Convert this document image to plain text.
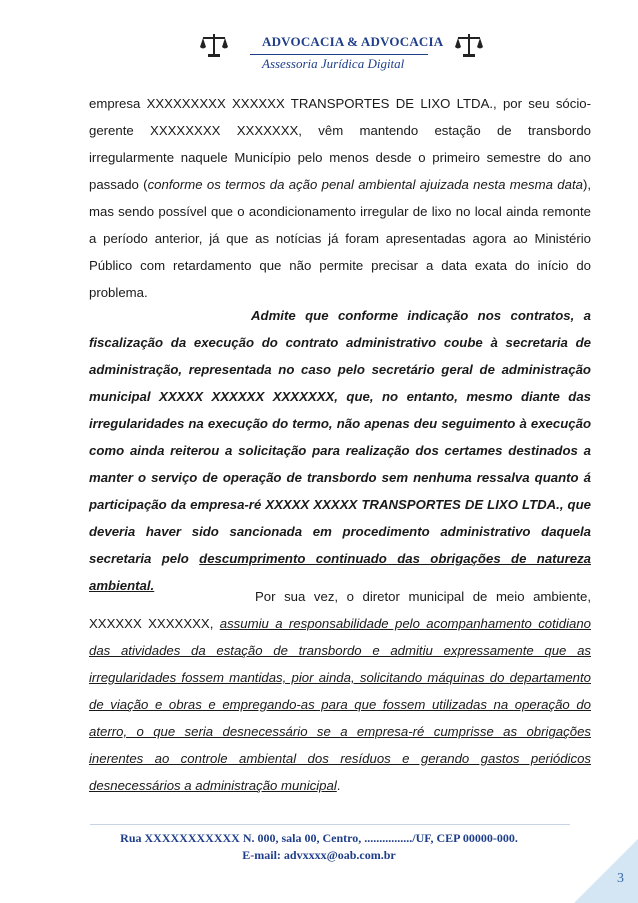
ADVOCACIA & ADVOCACIA
Assessoria Jurídica Digital
empresa XXXXXXXXX XXXXXX TRANSPORTES DE LIXO LTDA., por seu sócio-gerente XXXXXXXX XXXXXXX, vêm mantendo estação de transbordo irregularmente naquele Município pelo menos desde o primeiro semestre do ano passado (conforme os termos da ação penal ambiental ajuizada nesta mesma data), mas sendo possível que o acondicionamento irregular de lixo no local ainda remonte a período anterior, já que as notícias já foram apresentadas agora ao Ministério Público com retardamento que não permite precisar a data exata do início do problema.
Admite que conforme indicação nos contratos, a fiscalização da execução do contrato administrativo coube à secretaria de administração, representada no caso pelo secretário geral de administração municipal XXXXX XXXXXX XXXXXXX, que, no entanto, mesmo diante das irregularidades na execução do termo, não apenas deu seguimento à execução como ainda reiterou a solicitação para realização dos certames destinados a manter o serviço de operação de transbordo sem nenhuma ressalva quanto á participação da empresa-ré XXXXX XXXXX TRANSPORTES DE LIXO LTDA., que deveria haver sido sancionada em procedimento administrativo daquela secretaria pelo descumprimento continuado das obrigações de natureza ambiental.
Por sua vez, o diretor municipal de meio ambiente, XXXXXX XXXXXXX, assumiu a responsabilidade pelo acompanhamento cotidiano das atividades da estação de transbordo e admitiu expressamente que as irregularidades fossem mantidas, pior ainda, solicitando máquinas do departamento de viação e obras e empregando-as para que fossem utilizadas na operação do aterro, o que seria desnecessário se a empresa-ré cumprisse as obrigações inerentes ao controle ambiental dos resíduos e gerando gastos periódicos desnecessários a administração municipal.
Rua XXXXXXXXXXX N. 000, sala 00, Centro, ................/UF, CEP 00000-000.
E-mail: advxxxx@oab.com.br
3
